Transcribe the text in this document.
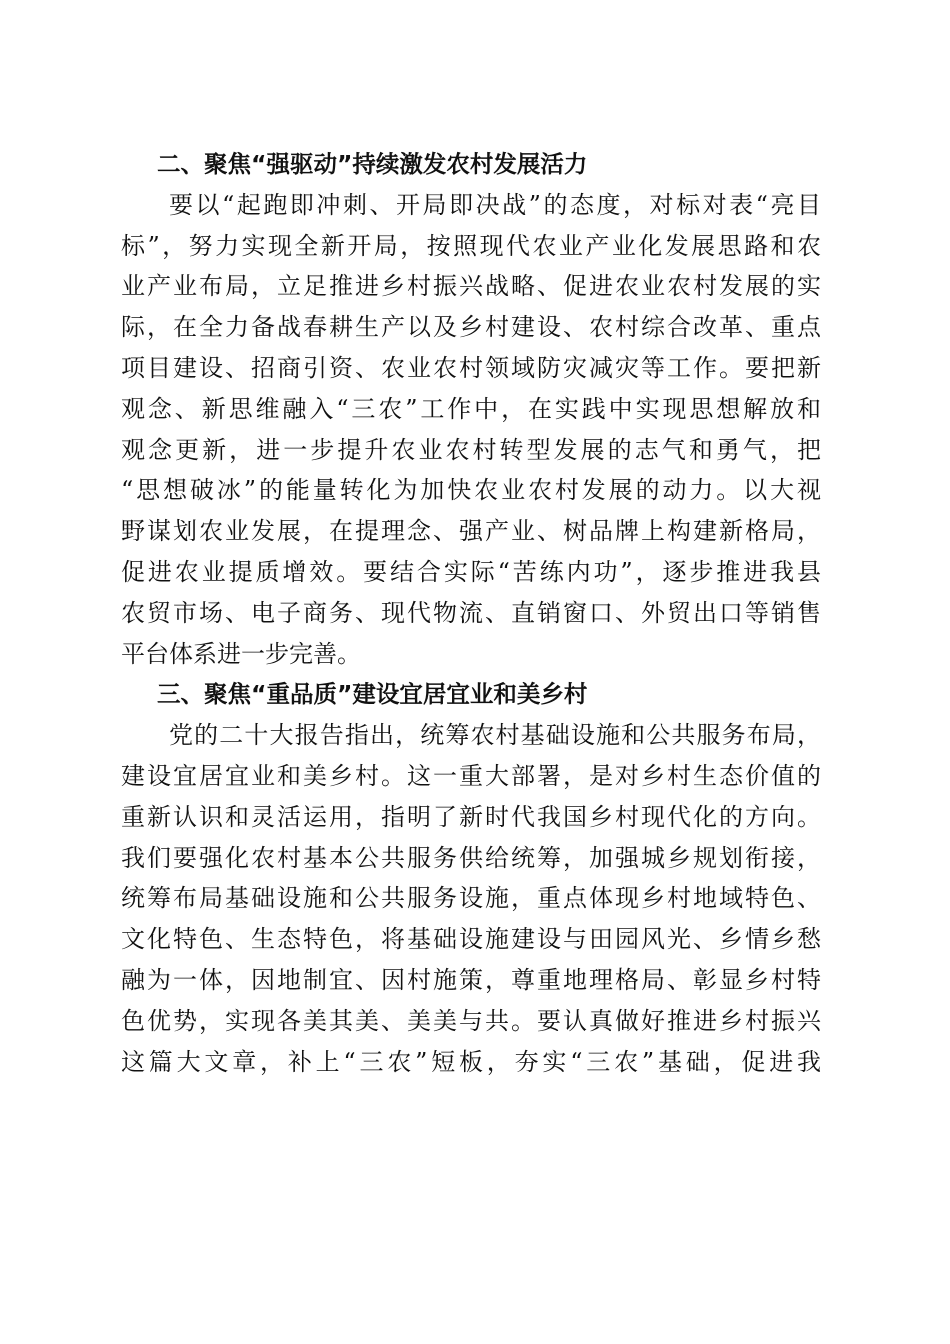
二、聚焦“强驱动”持续激发农村发展活力
要以“起跑即冲刺、开局即决战”的态度，对标对表“亮目
标”，努力实现全新开局，按照现代农业产业化发展思路和农
业产业布局，立足推进乡村振兴战略、促进农业农村发展的实
际，在全力备战春耕生产以及乡村建设、农村综合改革、重点
项目建设、招商引资、农业农村领域防灾减灾等工作。要把新
观念、新思维融入“三农”工作中，在实践中实现思想解放和
观念更新，进一步提升农业农村转型发展的志气和勇气，把
“思想破冰”的能量转化为加快农业农村发展的动力。以大视
野谋划农业发展，在提理念、强产业、树品牌上构建新格局，
促进农业提质增效。要结合实际“苦练内功”，逐步推进我县
农贸市场、电子商务、现代物流、直销窗口、外贸出口等销售
平台体系进一步完善。
三、聚焦“重品质”建设宜居宜业和美乡村
党的二十大报告指出，统筹农村基础设施和公共服务布局，
建设宜居宜业和美乡村。这一重大部署，是对乡村生态价值的
重新认识和灵活运用，指明了新时代我国乡村现代化的方向。
我们要强化农村基本公共服务供给统筹，加强城乡规划衔接，
统筹布局基础设施和公共服务设施，重点体现乡村地域特色、
文化特色、生态特色，将基础设施建设与田园风光、乡情乡愁
融为一体，因地制宜、因村施策，尊重地理格局、彰显乡村特
色优势，实现各美其美、美美与共。要认真做好推进乡村振兴
这篇大文章，补上“三农”短板，夯实“三农”基础，促进我
